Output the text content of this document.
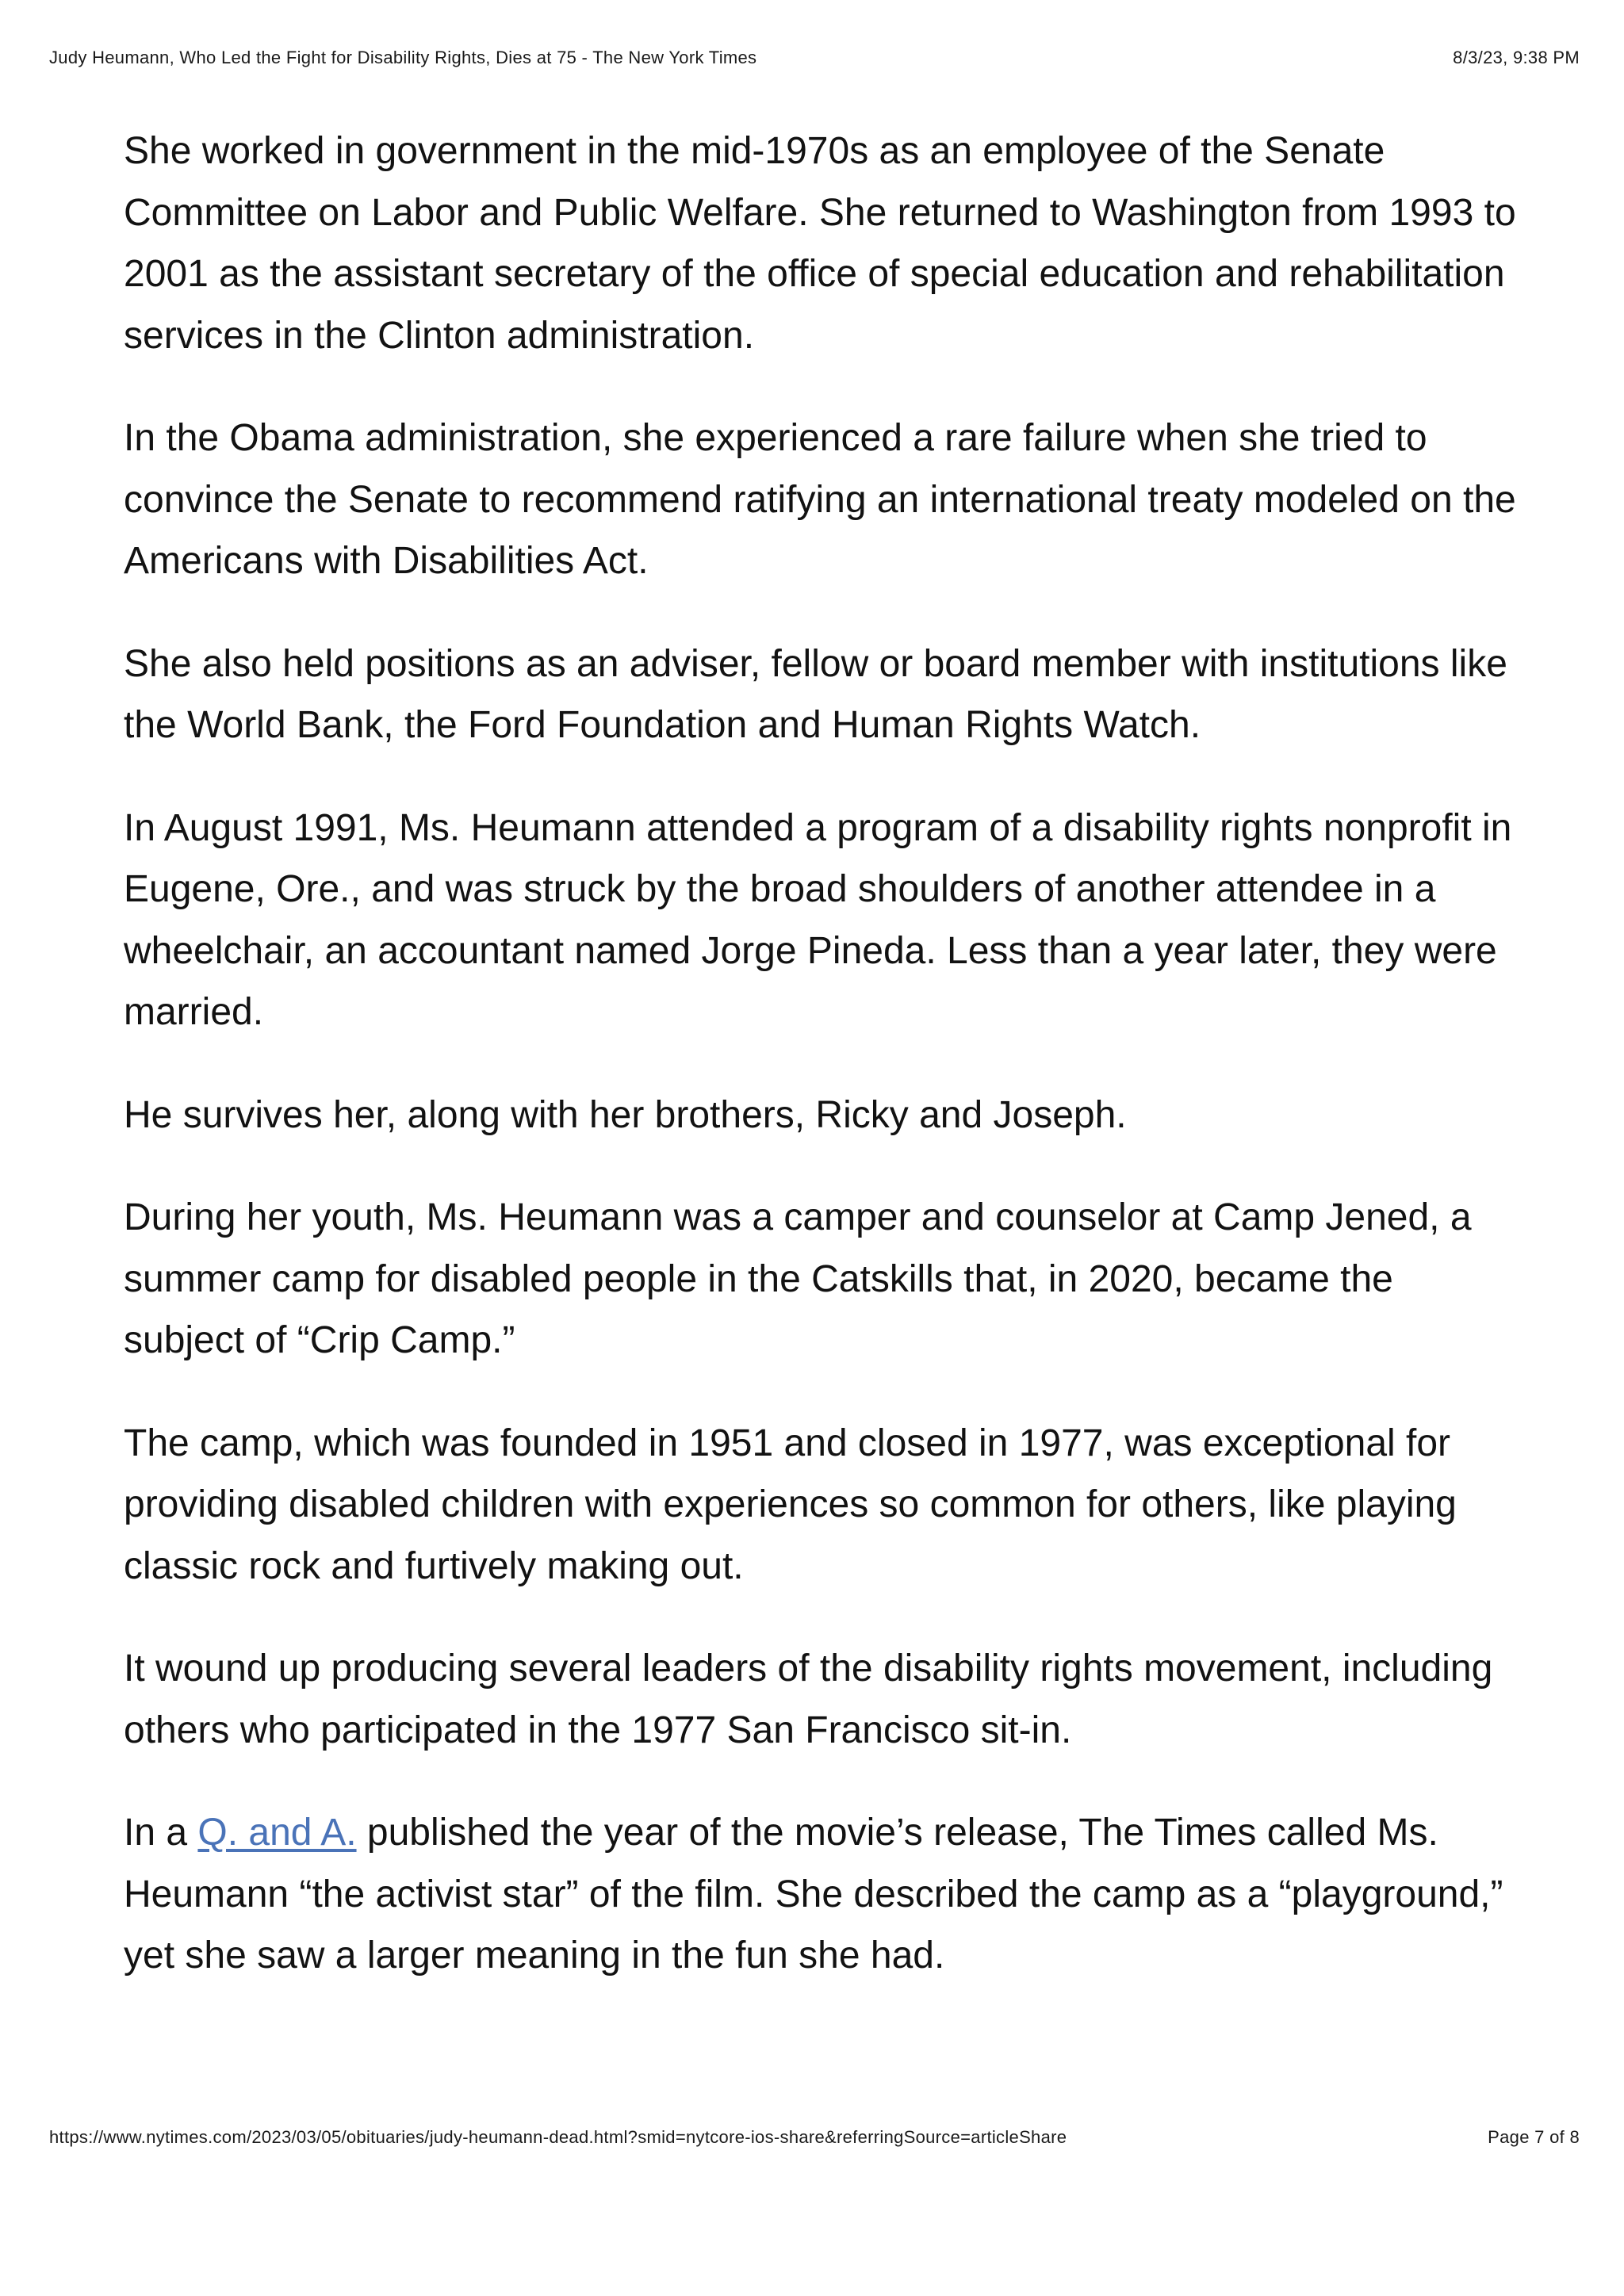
Judy Heumann, Who Led the Fight for Disability Rights, Dies at 75 - The New York Times	8/3/23, 9:38 PM

She worked in government in the mid-1970s as an employee of the Senate Committee on Labor and Public Welfare. She returned to Washington from 1993 to 2001 as the assistant secretary of the office of special education and rehabilitation services in the Clinton administration.

In the Obama administration, she experienced a rare failure when she tried to convince the Senate to recommend ratifying an international treaty modeled on the Americans with Disabilities Act.

She also held positions as an adviser, fellow or board member with institutions like the World Bank, the Ford Foundation and Human Rights Watch.

In August 1991, Ms. Heumann attended a program of a disability rights nonprofit in Eugene, Ore., and was struck by the broad shoulders of another attendee in a wheelchair, an accountant named Jorge Pineda. Less than a year later, they were married.

He survives her, along with her brothers, Ricky and Joseph.

During her youth, Ms. Heumann was a camper and counselor at Camp Jened, a summer camp for disabled people in the Catskills that, in 2020, became the subject of “Crip Camp.”

The camp, which was founded in 1951 and closed in 1977, was exceptional for providing disabled children with experiences so common for others, like playing classic rock and furtively making out.

It wound up producing several leaders of the disability rights movement, including others who participated in the 1977 San Francisco sit-in.

In a Q. and A. published the year of the movie’s release, The Times called Ms. Heumann “the activist star” of the film. She described the camp as a “playground,” yet she saw a larger meaning in the fun she had.

https://www.nytimes.com/2023/03/05/obituaries/judy-heumann-dead.html?smid=nytcore-ios-share&referringSource=articleShare	Page 7 of 8
